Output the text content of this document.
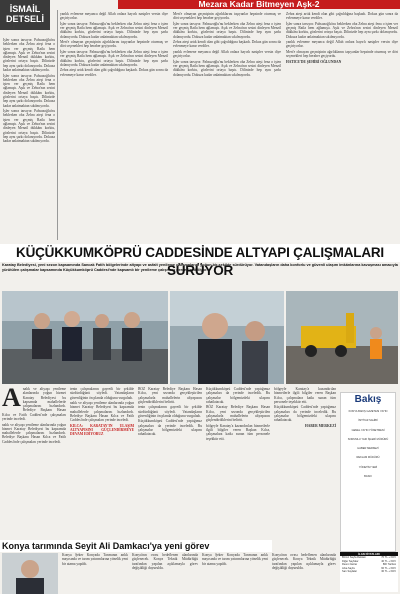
İSMAİL DETSELİ
Mezara Kadar Bitmeyen Aşk-2

İşler sonra tarsıyor. Pahsuzoğlu'nu beklerken oba Zehra ateşi fena o işten ver geçmiş Ratla hem ağlamıştı. Aşık ve Zehra'nın sesini dinleyen Menzil dükkânı korktu, gözlerini ortaya başıtı. Dilinizde hep aynı şarkı dolanıyordu. Dokuza kadar anlatmaktan sıkılmıyordu.

İşler sonra tarsıyor. Pahsuzoğlu'nu beklerken oba Zehra ateşi fena o işten ver geçmiş Ratla hem ağlamıştı. Aşık ve Zehra'nın sesini dinleyen Menzil dükkânı korktu, gözlerini ortaya başıtı. Dilinizde hep aynı şarkı dolanıyordu. Dokuza kadar anlatmaktan sıkılmıyordu.

İşler sonra tarsıyor. Pahsuzoğlu'nu beklerken oba Zehra ateşi fena o işten ver geçmiş Ratla hem ağlamıştı. Aşık ve Zehra'nın sesini dinleyen Menzil dükkânı korktu, gözlerini ortaya başıtı. Dilinizde hep aynı şarkı dolanıyordu. Dokuza kadar anlatmaktan sıkılmıyordu.

yanlık evlenene meyanca değil Allah onlara hayırlı nasipler versin diye geçiriyorlar.

İşler sonra tarsıyor. Pahsuzoğlu'nu beklerken oba Zehra ateşi fena o işten ver geçmiş Ratla hem ağlamıştı. Aşık ve Zehra'nın sesini dinleyen Menzil dükkânı korktu, gözlerini ortaya başıtı. Dilinizde hep aynı şarkı dolanıyordu. Dokuza kadar anlatmaktan sıkılmıyordu.

Mert'e olmayan geçmişinin ağırlıklarını taşıyanlar hepsinde oturmuş ve dört seçenekleri hep beraber geçiyordu.

İşler sonra tarsıyor. Pahsuzoğlu'nu beklerken oba Zehra ateşi fena o işten ver geçmiş Ratla hem ağlamıştı. Aşık ve Zehra'nın sesini dinleyen Menzil dükkânı korktu, gözlerini ortaya başıtı. Dilinizde hep aynı şarkı dolanıyordu. Dokuza kadar anlatmaktan sıkılmıyordu.

Zehra ateşi artık kendi olan gibi çağrıldığına başkadı. Dokuz gün sonra da evlenmeye karar verdiler.

Mert'e olmayan geçmişinin ağırlıklarını taşıyanlar hepsinde oturmuş ve dört seçenekleri hep beraber geçiyordu.

İşler sonra tarsıyor. Pahsuzoğlu'nu beklerken oba Zehra ateşi fena o işten ver geçmiş Ratla hem ağlamıştı. Aşık ve Zehra'nın sesini dinleyen Menzil dükkânı korktu, gözlerini ortaya başıtı. Dilinizde hep aynı şarkı dolanıyordu. Dokuza kadar anlatmaktan sıkılmıyordu.

Zehra ateşi artık kendi olan gibi çağrıldığına başkadı. Dokuz gün sonra da evlenmeye karar verdiler.

yanlık evlenene meyanca değil Allah onlara hayırlı nasipler versin diye geçiriyorlar.

İşler sonra tarsıyor. Pahsuzoğlu'nu beklerken oba Zehra ateşi fena o işten ver geçmiş Ratla hem ağlamıştı. Aşık ve Zehra'nın sesini dinleyen Menzil dükkânı korktu, gözlerini ortaya başıtı. Dilinizde hep aynı şarkı dolanıyordu. Dokuza kadar anlatmaktan sıkılmıyordu.

Zehra ateşi artık kendi olan gibi çağrıldığına başkadı. Dokuz gün sonra da evlenmeye karar verdiler.

İşler sonra tarsıyor. Pahsuzoğlu'nu beklerken oba Zehra ateşi fena o işten ver geçmiş Ratla hem ağlamıştı. Aşık ve Zehra'nın sesini dinleyen Menzil dükkânı korktu, gözlerini ortaya başıtı. Dilinizde hep aynı şarkı dolanıyordu. Dokuza kadar anlatmaktan sıkılmıyordu.

yanlık evlenene meyanca değil Allah onlara hayırlı nasipler versin diye geçiriyorlar.

Mert'e olmayan geçmişinin ağırlıklarını taşıyanlar hepsinde oturmuş ve dört seçenekleri hep beraber geçiyordu.

HATICE'DE ŞEHİRİ OĞLUNDAN

KÜÇÜKKUMKÖPRÜ CADDESİNDE ALTYAPI ÇALIŞMALARI SÜRÜYOR
Karatay Belediyesi, yeni sezon kapsamında Sancak Fatih bölgelerinde altyapı ve asfalt yenileme çalışmalarını yoğun bir şekilde sürdürüyor. Vatandaşların daha konforlu ve güvenli ulaşım imkânlarına kavuşması amacıyla yürütülen çalışmalar kapsamında Küçükkumköprü Caddesi'nde kapsamlı bir yenileme çalışması gerçekleştiriliyor.
A nalık ve altyapı yenileme alanlarında yoğun hizmet Karatay Belediyesi bu kapsamda mahallelerde çalışmalarını hızlandırdı. Belediye Başkanı Hasan Kılca ve Fatih Caddesi'nde çalışmaları yerinde inceledi.

nalık ve altyapı yenileme alanlarında yoğun hizmet Karatay Belediyesi bu kapsamda mahallelerde çalışmalarını hızlandırdı. Belediye Başkanı Hasan Kılca ve Fatih Caddesi'nde çalışmaları yerinde inceledi.

tenin çalışmalarını gayretli bir şekilde sürdürdüğünü söyledi. Vatandaşların güvenliğinin ön planda olduğunu vurguladı.

nalık ve altyapı yenileme alanlarında yoğun hizmet Karatay Belediyesi bu kapsamda mahallelerde çalışmalarını hızlandırdı. Belediye Başkanı Hasan Kılca ve Fatih Caddesi'nde çalışmaları yerinde inceledi.

KILCA: KARATAY'IN ULAŞIM ALTYAPISINI GÜÇLENDİRMEYE DEVAM EDİYORUZ

BÖZ Karatay Belediye Başkanı Hasan Kılca, yeni sezonda gerçekleştirilen çalışmalarla mahallelerin altyapısını güçlendirdiklerini belirtti.

tenin çalışmalarını gayretli bir şekilde sürdürdüğünü söyledi. Vatandaşların güvenliğinin ön planda olduğunu vurguladı.

Küçükkumköprü Caddesi'nde yaptığımız çalışmaları da yerinde inceledik. Bu çalışmalar bölgemizdeki ulaşımı rahatlatacak.

Küçükkumköprü Caddesi'nde yaptığımız çalışmaları da yerinde inceledik. Bu çalışmalar bölgemizdeki ulaşımı rahatlatacak.

BÖZ Karatay Belediye Başkanı Hasan Kılca, yeni sezonda gerçekleştirilen çalışmalarla mahallelerin altyapısını güçlendirdiklerini belirtti.

bölgeyle Karatay'a kazandırılan hizmetlerle ilgili bilgiler veren Başkan Kılca, çalışmalara katkı sunan tüm personele teşekkür etti.

bölgeyle Karatay'a kazandırılan hizmetlerle ilgili bilgiler veren Başkan Kılca, çalışmalara katkı sunan tüm personele teşekkür etti.

Küçükkumköprü Caddesi'nde yaptığımız çalışmaları da yerinde inceledik. Bu çalışmalar bölgemizdeki ulaşımı rahatlatacak.

HABER MERKEZİ

Bakış
KONYA BAKIŞ GAZETESİ YAYIN
İMTİYAZ SAHİBİ
GENEL YAYIN YÖNETMENİ
SORUMLU YAZI İŞLERİ MÜDÜRÜ
HABER MERKEZİ
REKLAM MÜDÜRÜ
YÖNETİM YERİ
BASKI
Konya tarımında Seyit Ali Damkacı'ya yeni görev

Konya Şeker Konyada Tarımının anlık mayısında ve tarım yatırımlarına yönelik yeni bir atama yapıldı.

Konya'nın ovası hedeflenen alanlarında güçlenecek. Konya Teknik Müdürlüğü tarafından yapılan açıklamayla görev değişikliği duyuruldu.

Konya Şeker Konyada Tarımının anlık mayısında ve tarım yatırımlarına yönelik yeni bir atama yapıldı.

Konya'nın ovası hedeflenen alanlarında güçlenecek. Konya Teknik Müdürlüğü tarafından yapılan açıklamayla görev değişikliği duyuruldu.

İLAN FİYATLARI
Birinci Sayfa Reklam	70 TL + KDV
Diğer Sayfalar	40 TL + KDV
Resmi İlanlar	BİK Tarifesi
Arka Sayfa	60 TL + KDV
Sarı Sayfalar	30 TL + KDV
